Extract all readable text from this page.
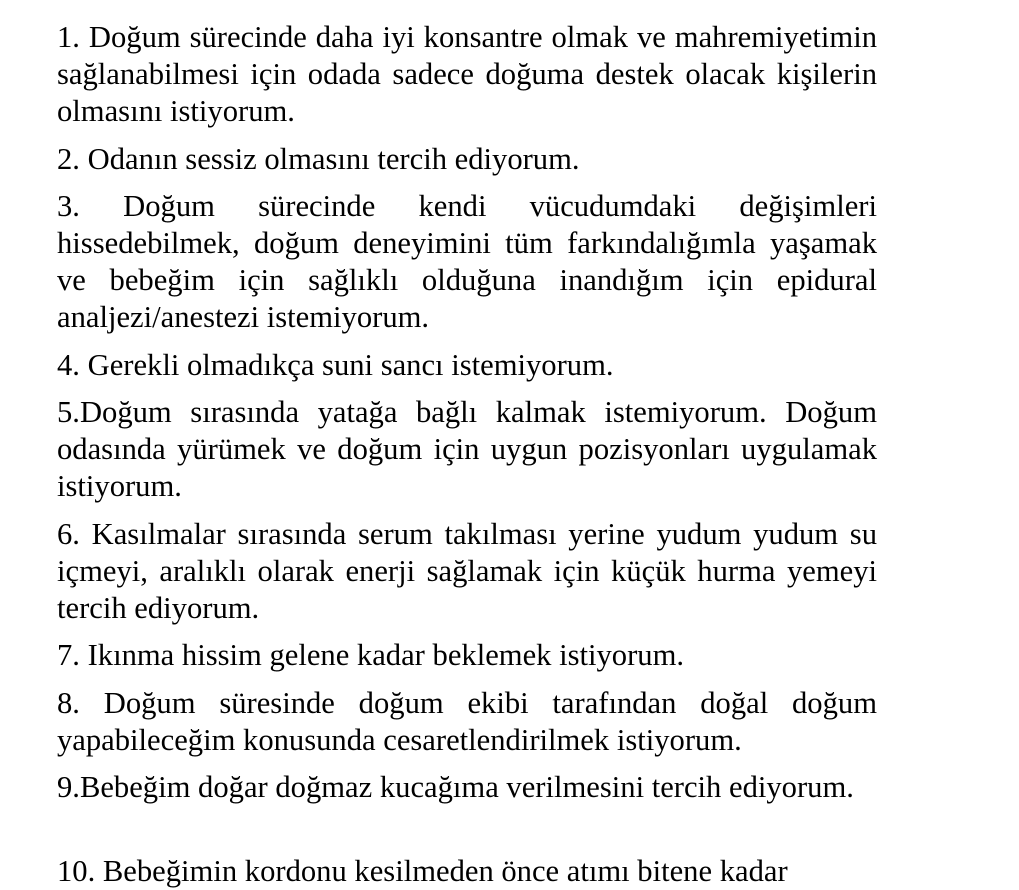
1. Doğum sürecinde daha iyi konsantre olmak ve mahremiyetimin sağlanabilmesi için odada sadece doğuma destek olacak kişilerin olmasını istiyorum.

2. Odanın sessiz olmasını tercih ediyorum.

3. Doğum sürecinde kendi vücudumdaki değişimleri hissedebilmek, doğum deneyimini tüm farkındalığımla yaşamak ve bebeğim için sağlıklı olduğuna inandığım için epidural analjezi/anestezi istemiyorum.

4. Gerekli olmadıkça suni sancı istemiyorum.

5.Doğum sırasında yatağa bağlı kalmak istemiyorum. Doğum odasında yürümek ve doğum için uygun pozisyonları uygulamak istiyorum.

6. Kasılmalar sırasında serum takılması yerine yudum yudum su içmeyi, aralıklı olarak enerji sağlamak için küçük hurma yemeyi tercih ediyorum.

7. Ikınma hissim gelene kadar beklemek istiyorum.

8. Doğum süresinde doğum ekibi tarafından doğal doğum yapabileceğim konusunda cesaretlendirilmek istiyorum.

9.Bebeğim doğar doğmaz kucağıma verilmesini tercih ediyorum.

10. Bebeğimin kordonu kesilmeden önce atımı bitene kadar
